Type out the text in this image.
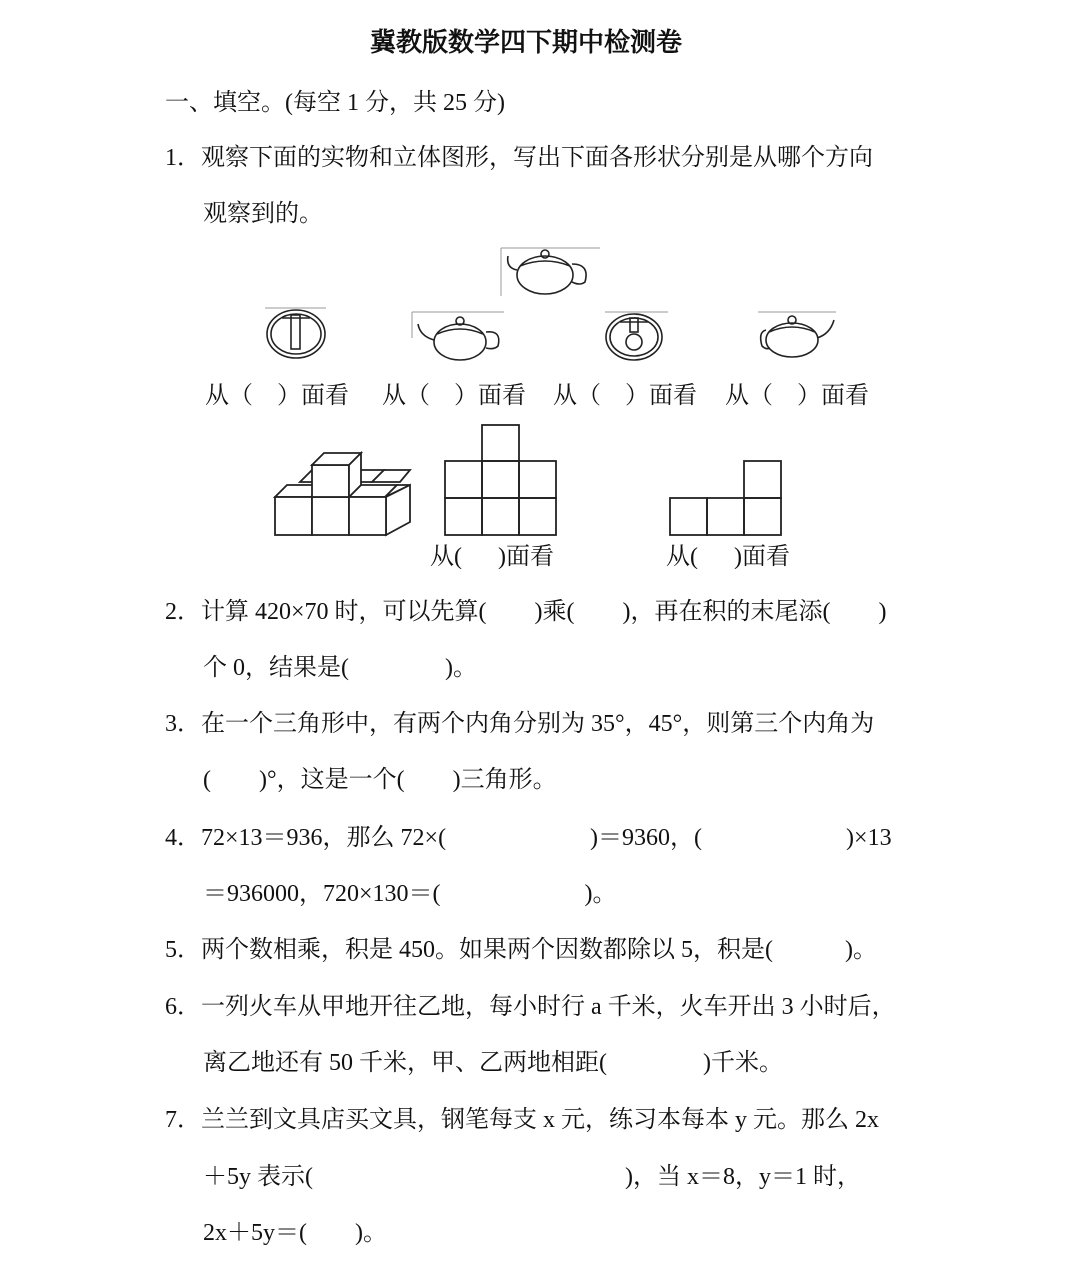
冀教版数学四下期中检测卷
一、填空。(每空 1 分，共 25 分)
1．观察下面的实物和立体图形，写出下面各形状分别是从哪个方向
观察到的。
从（    ）面看 从（    ）面看 从（    ）面看 从（    ）面看
从(      )面看	从(      )面看
2．计算 420×70 时，可以先算(        )乘(        )，再在积的末尾添(        )
个 0，结果是(                )。
3．在一个三角形中，有两个内角分别为 35°，45°，则第三个内角为
(        )°，这是一个(        )三角形。
4．72×13＝936，那么 72×(                        )＝9360，(                        )×13
＝936000，720×130＝(                        )。
5．两个数相乘，积是 450。如果两个因数都除以 5，积是(            )。
6．一列火车从甲地开往乙地，每小时行 a 千米，火车开出 3 小时后，
离乙地还有 50 千米，甲、乙两地相距(                )千米。
7．兰兰到文具店买文具，钢笔每支 x 元，练习本每本 y 元。那么 2x
＋5y 表示(                                                    )，当 x＝8，y＝1 时，
2x＋5y＝(        )。
